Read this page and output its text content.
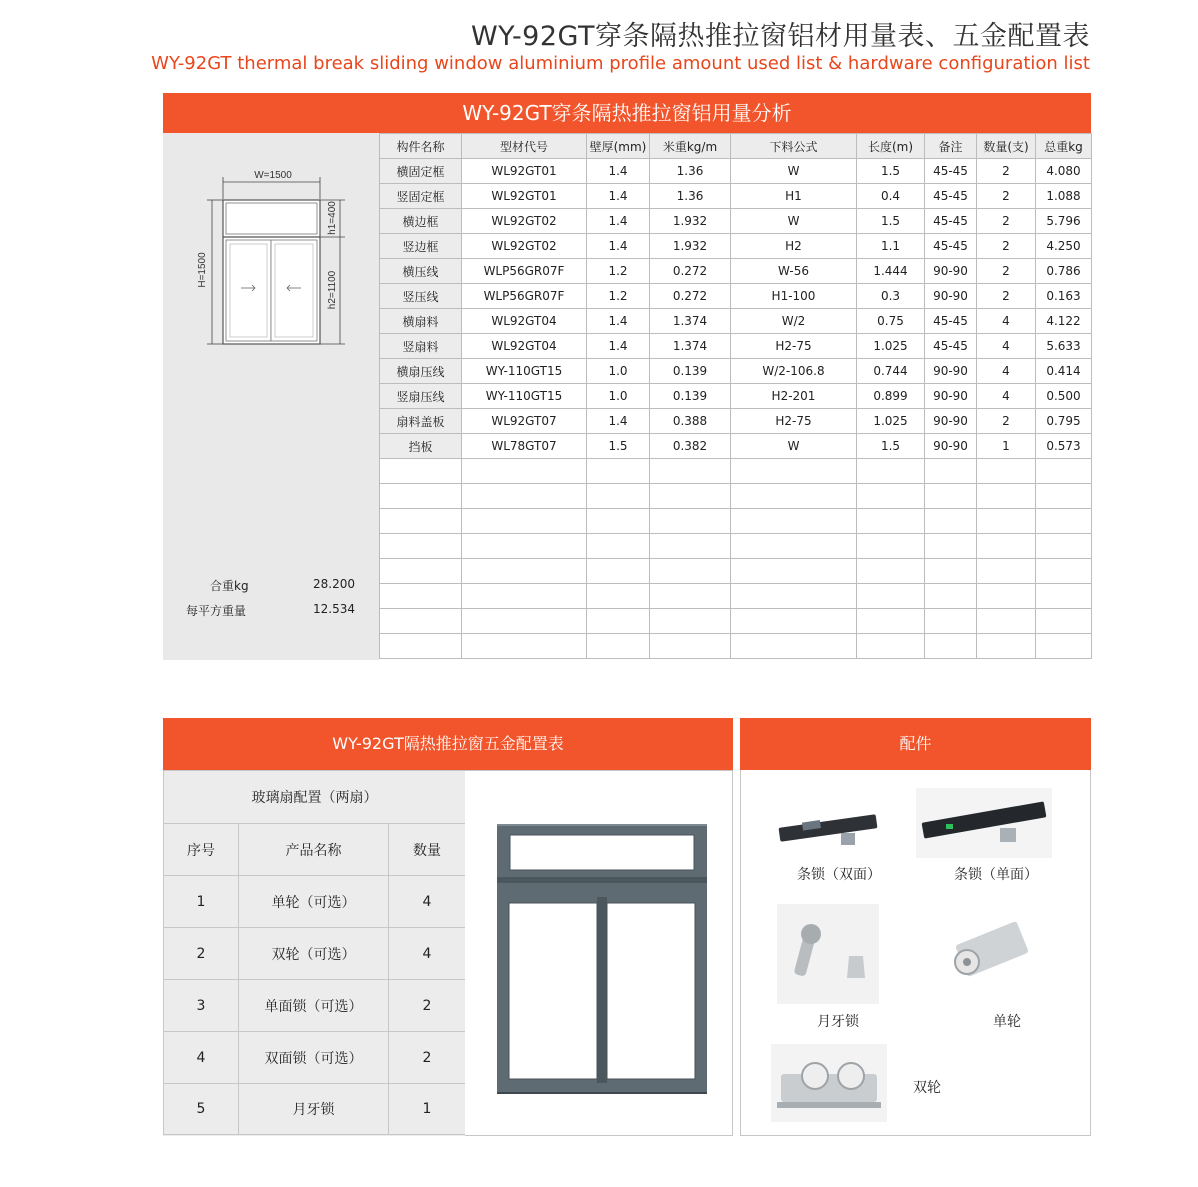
WY-92GT穿条隔热推拉窗铝材用量表、五金配置表
WY-92GT thermal break sliding window aluminium profile amount used list & hardware configuration list
WY-92GT穿条隔热推拉窗铝用量分析
W=1500
H=1500
h1=400
h2=1100
合重kg	28.200
每平方重量	12.534
构件名称	型材代号	壁厚(mm)	米重kg/m	下料公式	长度(m)	备注	数量(支)	总重kg
横固定框	WL92GT01	1.4	1.36	W	1.5	45-45	2	4.080
竖固定框	WL92GT01	1.4	1.36	H1	0.4	45-45	2	1.088
横边框	WL92GT02	1.4	1.932	W	1.5	45-45	2	5.796
竖边框	WL92GT02	1.4	1.932	H2	1.1	45-45	2	4.250
横压线	WLP56GR07F	1.2	0.272	W-56	1.444	90-90	2	0.786
竖压线	WLP56GR07F	1.2	0.272	H1-100	0.3	90-90	2	0.163
横扇料	WL92GT04	1.4	1.374	W/2	0.75	45-45	4	4.122
竖扇料	WL92GT04	1.4	1.374	H2-75	1.025	45-45	4	5.633
横扇压线	WY-110GT15	1.0	0.139	W/2-106.8	0.744	90-90	4	0.414
竖扇压线	WY-110GT15	1.0	0.139	H2-201	0.899	90-90	4	0.500
扇料盖板	WL92GT07	1.4	0.388	H2-75	1.025	90-90	2	0.795
挡板	WL78GT07	1.5	0.382	W	1.5	90-90	1	0.573

WY-92GT隔热推拉窗五金配置表
玻璃扇配置（两扇）		
序号	产品名称	数量
1	单轮（可选）	4
2	双轮（可选）	4
3	单面锁（可选）	2
4	双面锁（可选）	2
5	月牙锁	1
配件
条锁（双面）	条锁（单面）
月牙锁	单轮
双轮
